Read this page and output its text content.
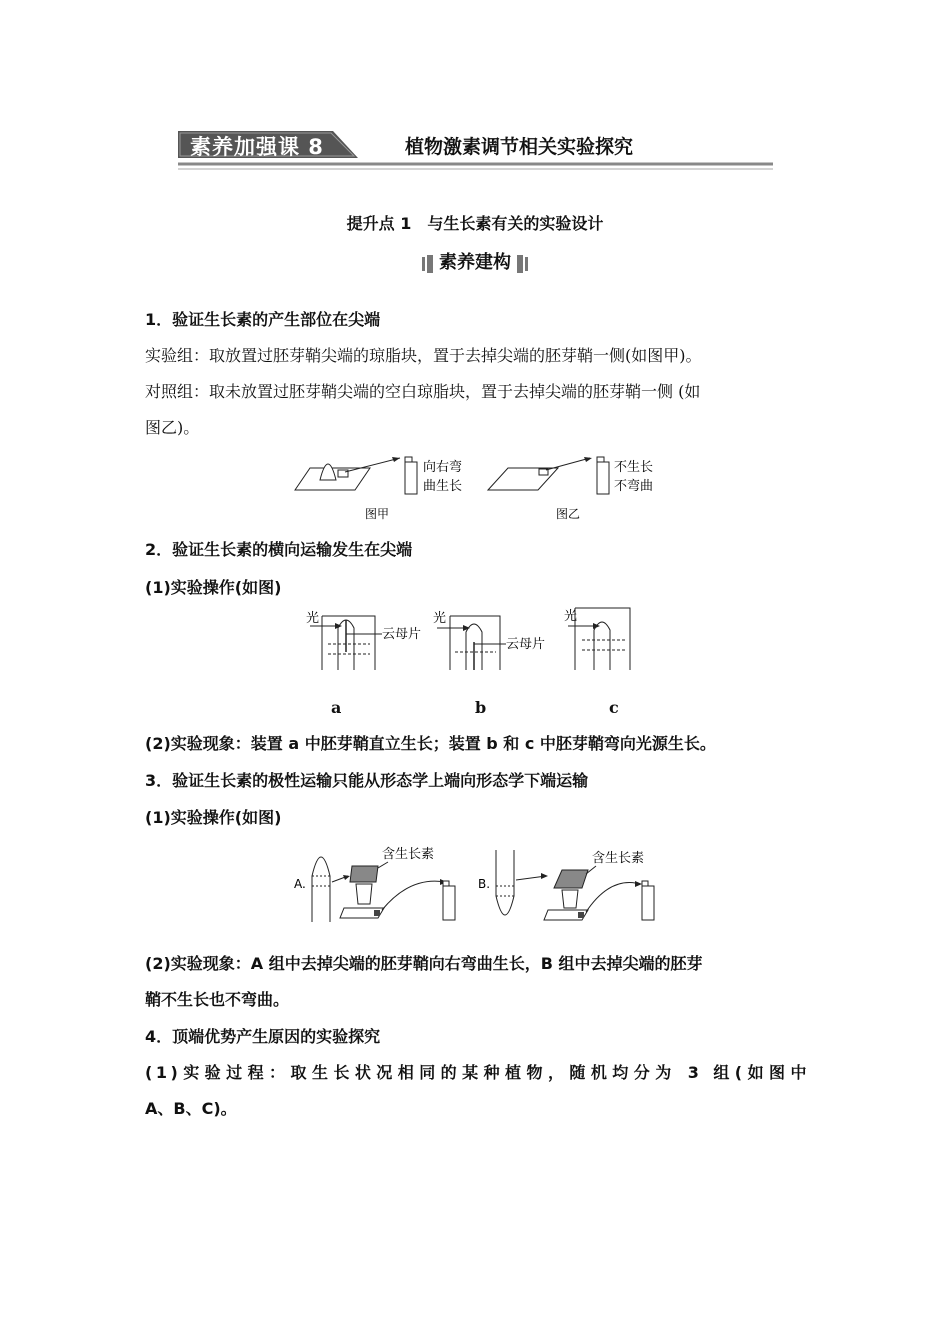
素养加强课 8	植物激素调节相关实验探究
提升点 1　与生长素有关的实验设计
素养建构
1．验证生长素的产生部位在尖端
实验组：取放置过胚芽鞘尖端的琼脂块，置于去掉尖端的胚芽鞘一侧(如图甲)。
对照组：取未放置过胚芽鞘尖端的空白琼脂块，置于去掉尖端的胚芽鞘一侧 (如
图乙)。
向右弯
曲生长
图甲
不生长
不弯曲
图乙
2．验证生长素的横向运输发生在尖端
(1)实验操作(如图)
光
云母片
光
云母片
光
a	b	c
(2)实验现象：装置 a 中胚芽鞘直立生长；装置 b 和 c 中胚芽鞘弯向光源生长。
3．验证生长素的极性运输只能从形态学上端向形态学下端运输
(1)实验操作(如图)
A.
含生长素
B.
含生长素
(2)实验现象：A 组中去掉尖端的胚芽鞘向右弯曲生长，B 组中去掉尖端的胚芽
鞘不生长也不弯曲。
4．顶端优势产生原因的实验探究
(1)实验过程：取生长状况相同的某种植物，随机均分为 3 组(如图中
A、B、C)。
